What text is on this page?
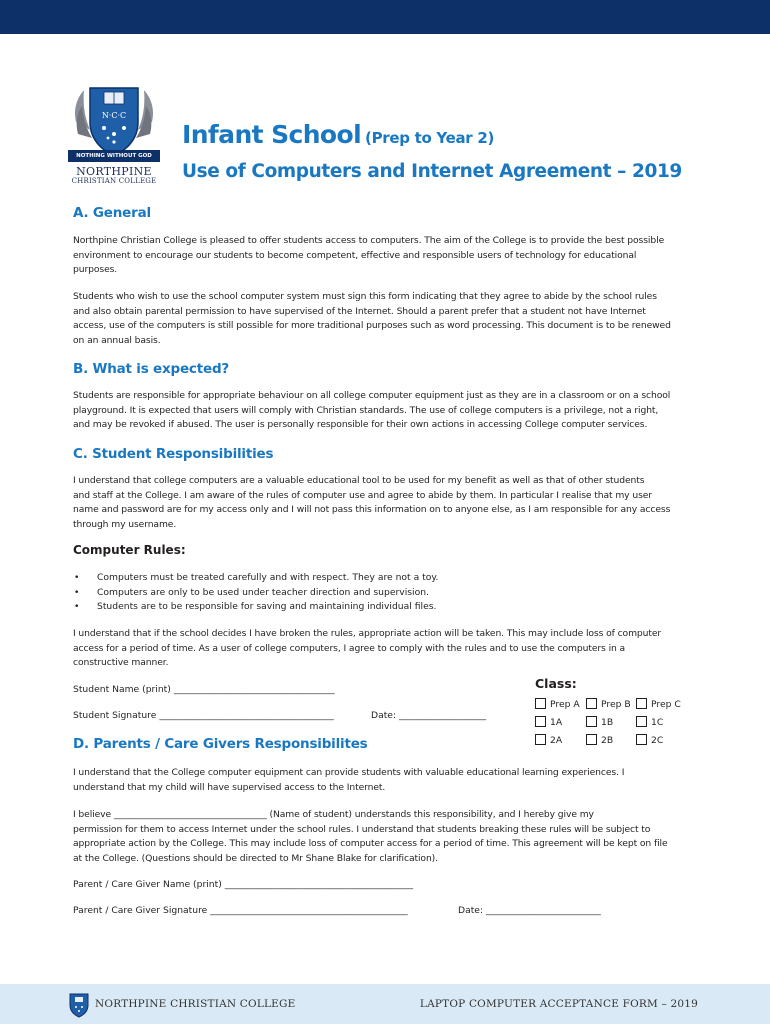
N·C·C
NOTHING WITHOUT GOD
NORTHPINE
CHRISTIAN COLLEGE
Infant School (Prep to Year 2)
Use of Computers and Internet Agreement – 2019
A. General
Northpine Christian College is pleased to offer students access to computers. The aim of the College is to provide the best possible
environment to encourage our students to become competent, effective and responsible users of technology for educational
purposes.
Students who wish to use the school computer system must sign this form indicating that they agree to abide by the school rules
and also obtain parental permission to have supervised of the Internet. Should a parent prefer that a student not have Internet
access, use of the computers is still possible for more traditional purposes such as word processing. This document is to be renewed
on an annual basis.
B. What is expected?
Students are responsible for appropriate behaviour on all college computer equipment just as they are in a classroom or on a school
playground. It is expected that users will comply with Christian standards. The use of college computers is a privilege, not a right,
and may be revoked if abused. The user is personally responsible for their own actions in accessing College computer services.
C. Student Responsibilities
I understand that college computers are a valuable educational tool to be used for my benefit as well as that of other students
and staff at the College. I am aware of the rules of computer use and agree to abide by them. In particular I realise that my user
name and password are for my access only and I will not pass this information on to anyone else, as I am responsible for any access
through my username.
Computer Rules:
• Computers must be treated carefully and with respect. They are not a toy.
• Computers are only to be used under teacher direction and supervision.
• Students are to be responsible for saving and maintaining individual files.
I understand that if the school decides I have broken the rules, appropriate action will be taken. This may include loss of computer
access for a period of time. As a user of college computers, I agree to comply with the rules and to use the computers in a
constructive manner.
Student Name (print) ___________________________________
Student Signature ______________________________________	Date: ___________________
Class:
Prep A	Prep B	Prep C
1A	1B	1C
2A	2B	2C
D. Parents / Care Givers Responsibilites
I understand that the College computer equipment can provide students with valuable educational learning experiences. I
understand that my child will have supervised access to the Internet.
I believe __________________________________ (Name of student) understands this responsibility, and I hereby give my
permission for them to access Internet under the school rules. I understand that students breaking these rules will be subject to
appropriate action by the College. This may include loss of computer access for a period of time. This agreement will be kept on file
at the College. (Questions should be directed to Mr Shane Blake for clarification).
Parent / Care Giver Name (print) _________________________________________
Parent / Care Giver Signature ___________________________________________	Date: _________________________
NORTHPINE CHRISTIAN COLLEGE	LAPTOP COMPUTER ACCEPTANCE FORM – 2019
